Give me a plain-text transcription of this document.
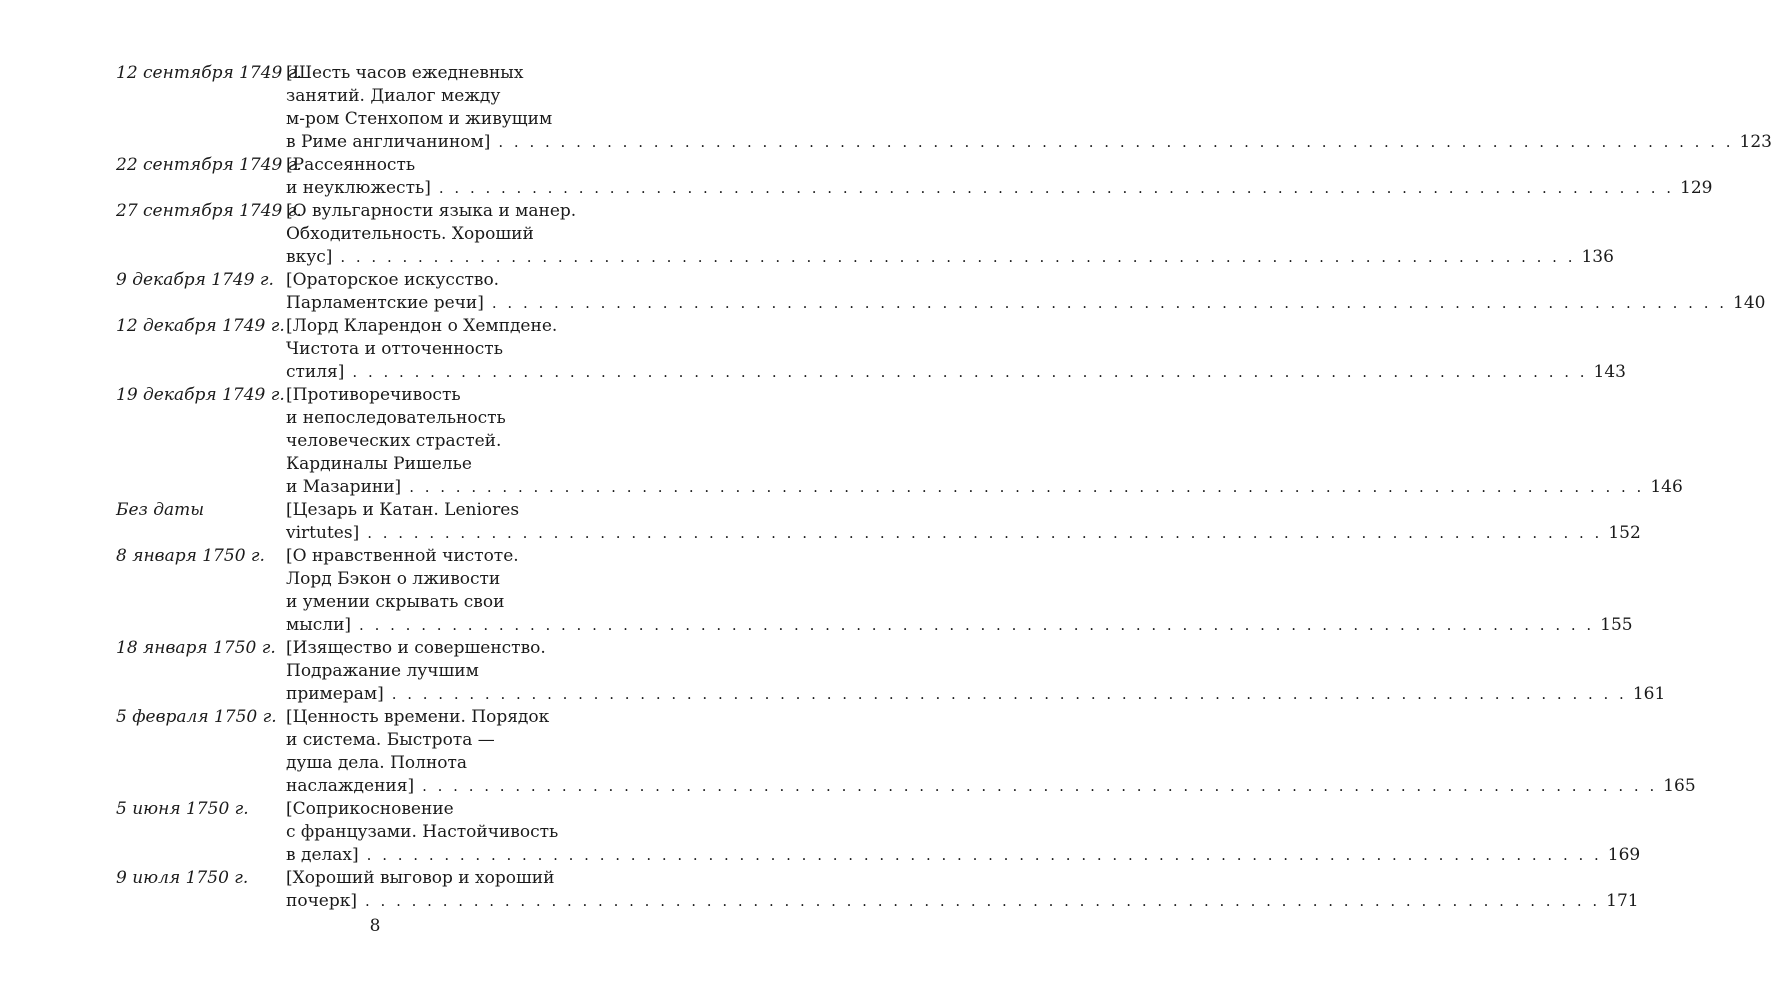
12 сентября 1749 г.
[Шесть часов ежедневных
занятий. Диалог между
м-ром Стенхопом и живущим
в Риме англичанином] . . . . . . . . . . . . . . . . . . . . . . . . . . . . . . . . . . . . . . . . . . . . . . . . . . . . . . . . . . . . . . . . . . . . . . . . . . . . . . . . 123
22 сентября 1749 г.
[Рассеянность
и неуклюжесть] . . . . . . . . . . . . . . . . . . . . . . . . . . . . . . . . . . . . . . . . . . . . . . . . . . . . . . . . . . . . . . . . . . . . . . . . . . . . . . . . 129
27 сентября 1749 г.
[О вульгарности языка и манер.
Обходительность. Хороший
вкус] . . . . . . . . . . . . . . . . . . . . . . . . . . . . . . . . . . . . . . . . . . . . . . . . . . . . . . . . . . . . . . . . . . . . . . . . . . . . . . . . 136
9 декабря 1749 г. [Ораторское искусство.
Парламентские речи] . . . . . . . . . . . . . . . . . . . . . . . . . . . . . . . . . . . . . . . . . . . . . . . . . . . . . . . . . . . . . . . . . . . . . . . . . . . . . . . . 140
12 декабря 1749 г. [Лорд Кларендон о Хемпдене.
Чистота и отточенность
стиля] . . . . . . . . . . . . . . . . . . . . . . . . . . . . . . . . . . . . . . . . . . . . . . . . . . . . . . . . . . . . . . . . . . . . . . . . . . . . . . . . 143
19 декабря 1749 г. [Противоречивость
и непоследовательность
человеческих страстей.
Кардиналы Ришелье
и Мазарини] . . . . . . . . . . . . . . . . . . . . . . . . . . . . . . . . . . . . . . . . . . . . . . . . . . . . . . . . . . . . . . . . . . . . . . . . . . . . . . . . 146
Без даты	[Цезарь и Катан. Leniores
virtutes] . . . . . . . . . . . . . . . . . . . . . . . . . . . . . . . . . . . . . . . . . . . . . . . . . . . . . . . . . . . . . . . . . . . . . . . . . . . . . . . . 152
8 января 1750 г.	[О нравственной чистоте.
Лорд Бэкон о лживости
и умении скрывать свои
мысли] . . . . . . . . . . . . . . . . . . . . . . . . . . . . . . . . . . . . . . . . . . . . . . . . . . . . . . . . . . . . . . . . . . . . . . . . . . . . . . . . 155
18 января 1750 г. [Изящество и совершенство.
Подражание лучшим
примерам] . . . . . . . . . . . . . . . . . . . . . . . . . . . . . . . . . . . . . . . . . . . . . . . . . . . . . . . . . . . . . . . . . . . . . . . . . . . . . . . . 161
5 февраля 1750 г. [Ценность времени. Порядок
и система. Быстрота —
душа дела. Полнота
наслаждения] . . . . . . . . . . . . . . . . . . . . . . . . . . . . . . . . . . . . . . . . . . . . . . . . . . . . . . . . . . . . . . . . . . . . . . . . . . . . . . . . 165
5 июня 1750 г.	[Соприкосновение
с французами. Настойчивость
в делах] . . . . . . . . . . . . . . . . . . . . . . . . . . . . . . . . . . . . . . . . . . . . . . . . . . . . . . . . . . . . . . . . . . . . . . . . . . . . . . . . 169
9 июля 1750 г.	[Хороший выговор и хороший
почерк] . . . . . . . . . . . . . . . . . . . . . . . . . . . . . . . . . . . . . . . . . . . . . . . . . . . . . . . . . . . . . . . . . . . . . . . . . . . . . . . . 171
8
